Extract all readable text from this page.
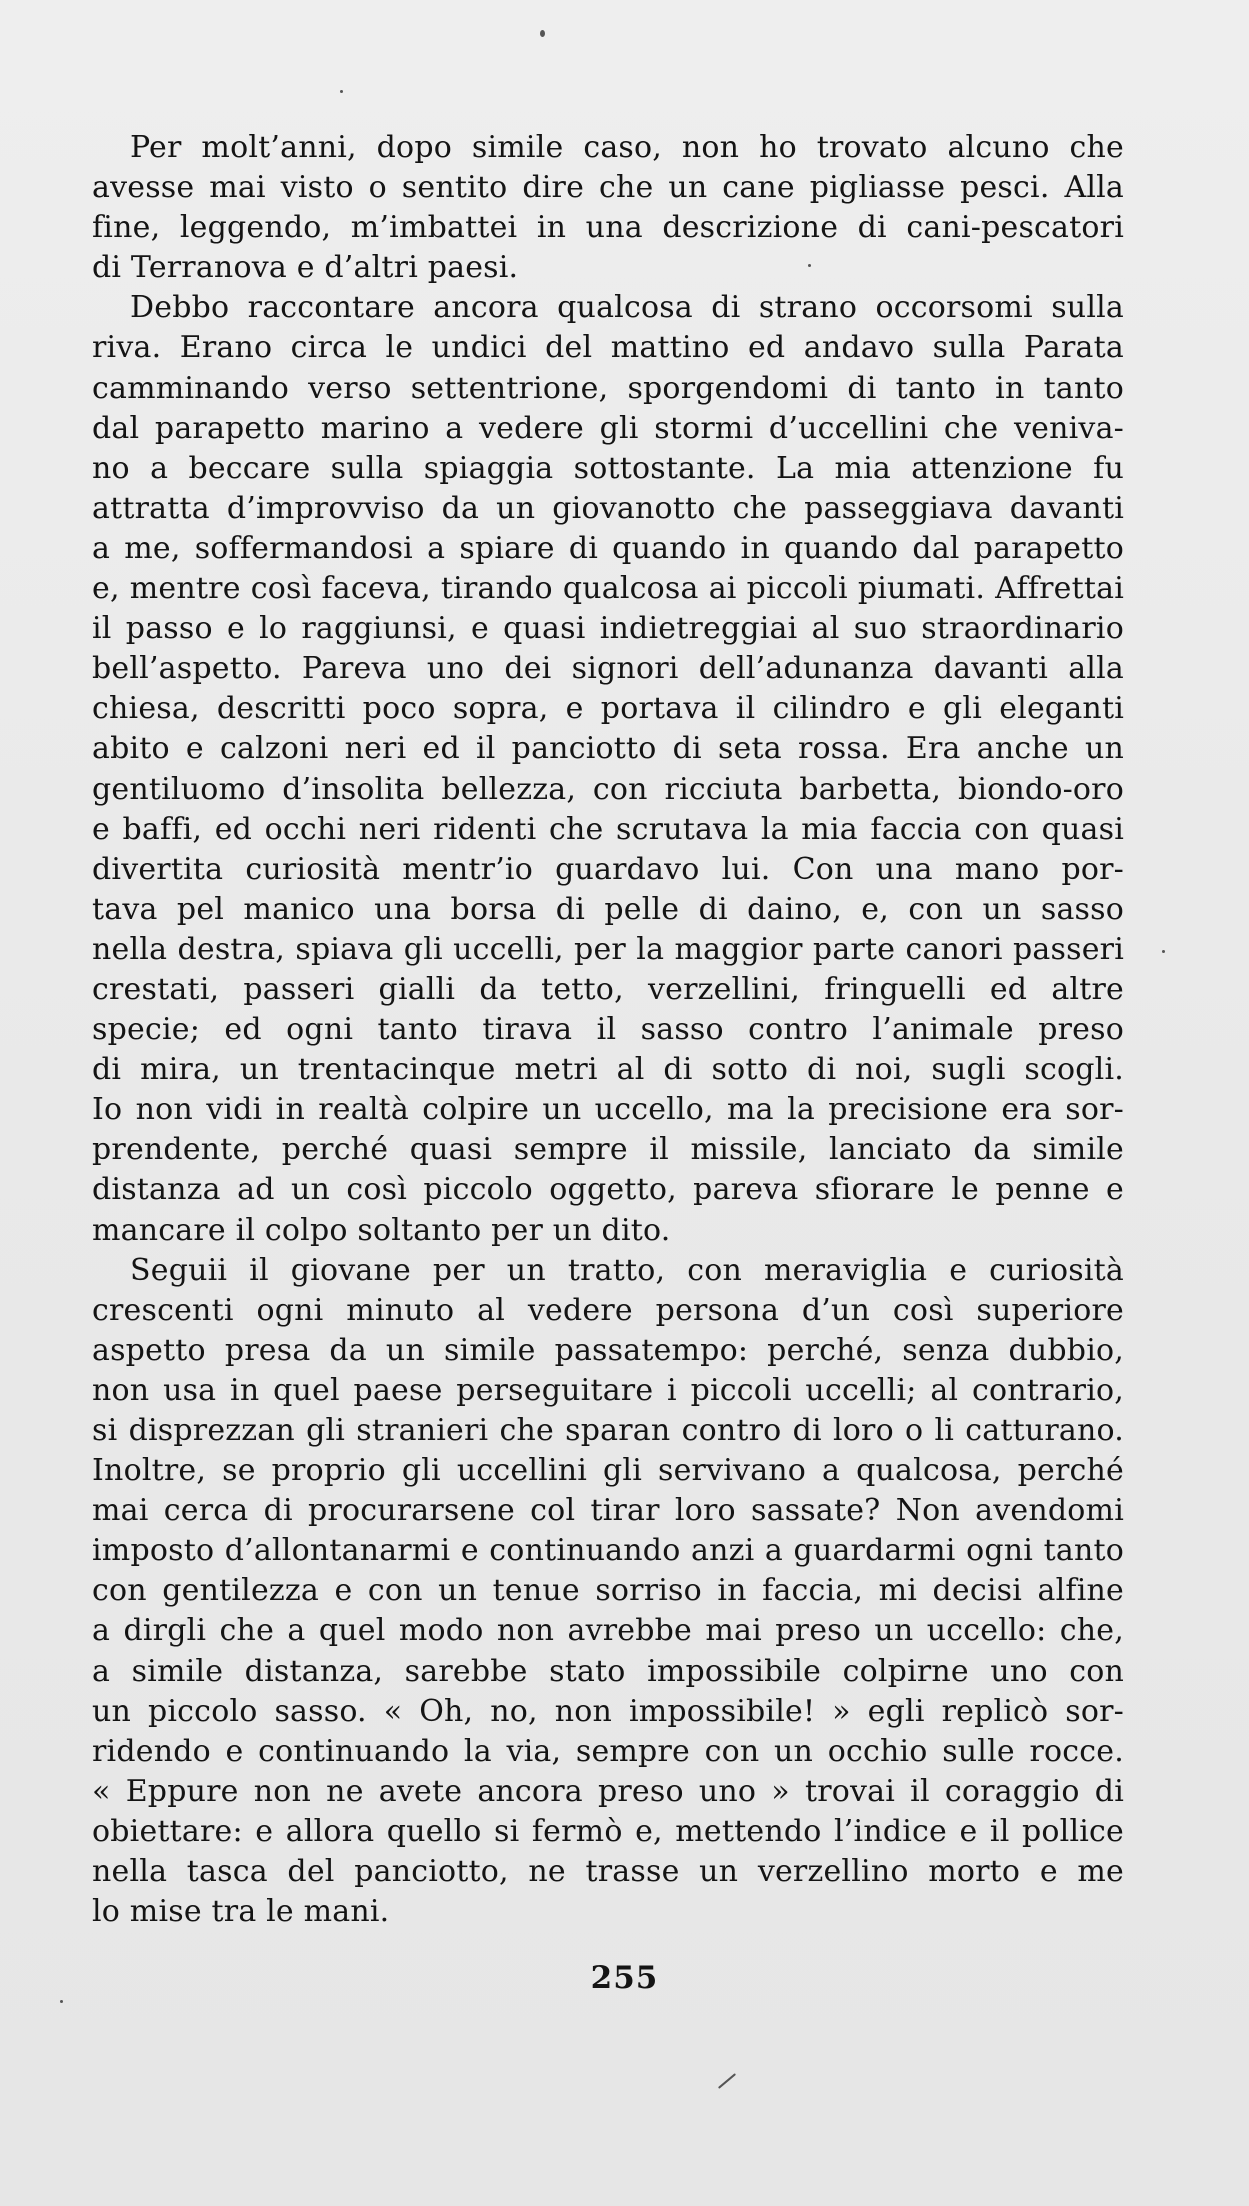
Per molt’anni, dopo simile caso, non ho trovato alcuno che
avesse mai visto o sentito dire che un cane pigliasse pesci. Alla
fine, leggendo, m’imbattei in una descrizione di cani-pescatori
di Terranova e d’altri paesi.
Debbo raccontare ancora qualcosa di strano occorsomi sulla
riva. Erano circa le undici del mattino ed andavo sulla Parata
camminando verso settentrione, sporgendomi di tanto in tanto
dal parapetto marino a vedere gli stormi d’uccellini che veniva-
no a beccare sulla spiaggia sottostante. La mia attenzione fu
attratta d’improvviso da un giovanotto che passeggiava davanti
a me, soffermandosi a spiare di quando in quando dal parapetto
e, mentre così faceva, tirando qualcosa ai piccoli piumati. Affrettai
il passo e lo raggiunsi, e quasi indietreggiai al suo straordinario
bell’aspetto. Pareva uno dei signori dell’adunanza davanti alla
chiesa, descritti poco sopra, e portava il cilindro e gli eleganti
abito e calzoni neri ed il panciotto di seta rossa. Era anche un
gentiluomo d’insolita bellezza, con ricciuta barbetta, biondo-oro
e baffi, ed occhi neri ridenti che scrutava la mia faccia con quasi
divertita curiosità mentr’io guardavo lui. Con una mano por-
tava pel manico una borsa di pelle di daino, e, con un sasso
nella destra, spiava gli uccelli, per la maggior parte canori passeri
crestati, passeri gialli da tetto, verzellini, fringuelli ed altre
specie; ed ogni tanto tirava il sasso contro l’animale preso
di mira, un trentacinque metri al di sotto di noi, sugli scogli.
Io non vidi in realtà colpire un uccello, ma la precisione era sor-
prendente, perché quasi sempre il missile, lanciato da simile
distanza ad un così piccolo oggetto, pareva sfiorare le penne e
mancare il colpo soltanto per un dito.
Seguii il giovane per un tratto, con meraviglia e curiosità
crescenti ogni minuto al vedere persona d’un così superiore
aspetto presa da un simile passatempo: perché, senza dubbio,
non usa in quel paese perseguitare i piccoli uccelli; al contrario,
si disprezzan gli stranieri che sparan contro di loro o li catturano.
Inoltre, se proprio gli uccellini gli servivano a qualcosa, perché
mai cerca di procurarsene col tirar loro sassate? Non avendomi
imposto d’allontanarmi e continuando anzi a guardarmi ogni tanto
con gentilezza e con un tenue sorriso in faccia, mi decisi alfine
a dirgli che a quel modo non avrebbe mai preso un uccello: che,
a simile distanza, sarebbe stato impossibile colpirne uno con
un piccolo sasso. « Oh, no, non impossibile! » egli replicò sor-
ridendo e continuando la via, sempre con un occhio sulle rocce.
« Eppure non ne avete ancora preso uno » trovai il coraggio di
obiettare: e allora quello si fermò e, mettendo l’indice e il pollice
nella tasca del panciotto, ne trasse un verzellino morto e me
lo mise tra le mani.
255
